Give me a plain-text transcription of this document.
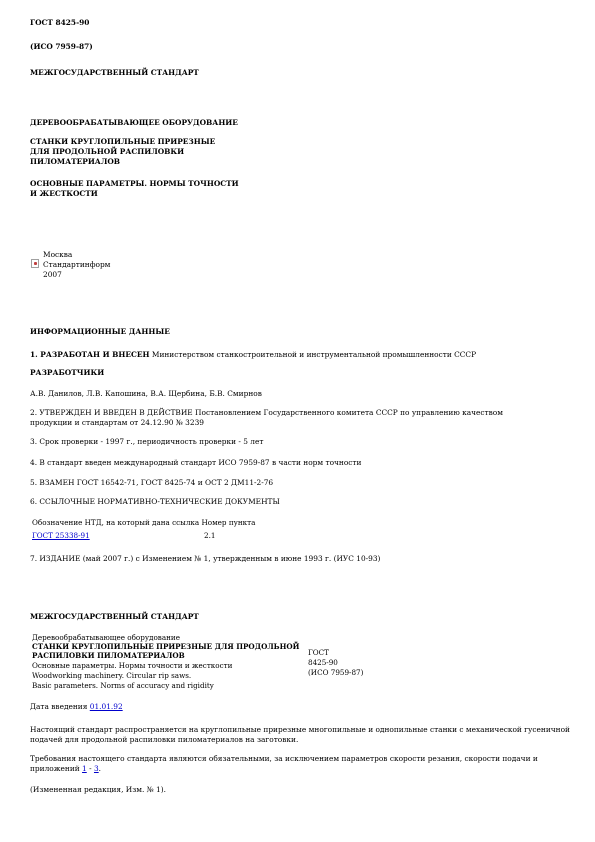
ГОСТ 8425-90
(ИСО 7959-87)
МЕЖГОСУДАРСТВЕННЫЙ СТАНДАРТ
ДЕРЕВООБРАБАТЫВАЮЩЕЕ ОБОРУДОВАНИЕ
СТАНКИ КРУГЛОПИЛЬНЫЕ ПРИРЕЗНЫЕ
ДЛЯ ПРОДОЛЬНОЙ РАСПИЛОВКИ
ПИЛОМАТЕРИАЛОВ
ОСНОВНЫЕ ПАРАМЕТРЫ. НОРМЫ ТОЧНОСТИ
И ЖЕСТКОСТИ
Москва
Стандартинформ
2007
ИНФОРМАЦИОННЫЕ ДАННЫЕ
1. РАЗРАБОТАН И ВНЕСЕН Министерством станкостроительной и инструментальной промышленности СССР
РАЗРАБОТЧИКИ
А.В. Данилов, Л.В. Капошина, В.А. Щербина, Б.В. Смирнов
2. УТВЕРЖДЕН И ВВЕДЕН В ДЕЙСТВИЕ Постановлением Государственного комитета СССР по управлению качеством
продукции и стандартам от 24.12.90 № 3239
3. Срок проверки - 1997 г., периодичность проверки - 5 лет
4. В стандарт введен международный стандарт ИСО 7959-87 в части норм точности
5. ВЗАМЕН ГОСТ 16542-71, ГОСТ 8425-74 и ОСТ 2 ДМ11-2-76
6. ССЫЛОЧНЫЕ НОРМАТИВНО-ТЕХНИЧЕСКИЕ ДОКУМЕНТЫ
Обозначение НТД, на который дана ссылка Номер пункта
ГОСТ 25338-91	2.1
7. ИЗДАНИЕ (май 2007 г.) с Изменением № 1, утвержденным в июне 1993 г. (ИУС 10-93)
МЕЖГОСУДАРСТВЕННЫЙ СТАНДАРТ
Деревообрабатывающее оборудование
СТАНКИ КРУГЛОПИЛЬНЫЕ ПРИРЕЗНЫЕ ДЛЯ ПРОДОЛЬНОЙ
РАСПИЛОВКИ ПИЛОМАТЕРИАЛОВ
Основные параметры. Нормы точности и жесткости
Woodworking machinery. Circular rip saws.
Basic parameters. Norms of accuracy and rigidity
ГОСТ
8425-90
(ИСО 7959-87)
Дата введения 01.01.92
Настоящий стандарт распространяется на круглопильные прирезные многопильные и однопильные станки с механической гусеничной
подачей для продольной распиловки пиломатериалов на заготовки.
Требования настоящего стандарта являются обязательными, за исключением параметров скорости резания, скорости подачи и
приложений 1 - 3.
(Измененная редакция, Изм. № 1).
